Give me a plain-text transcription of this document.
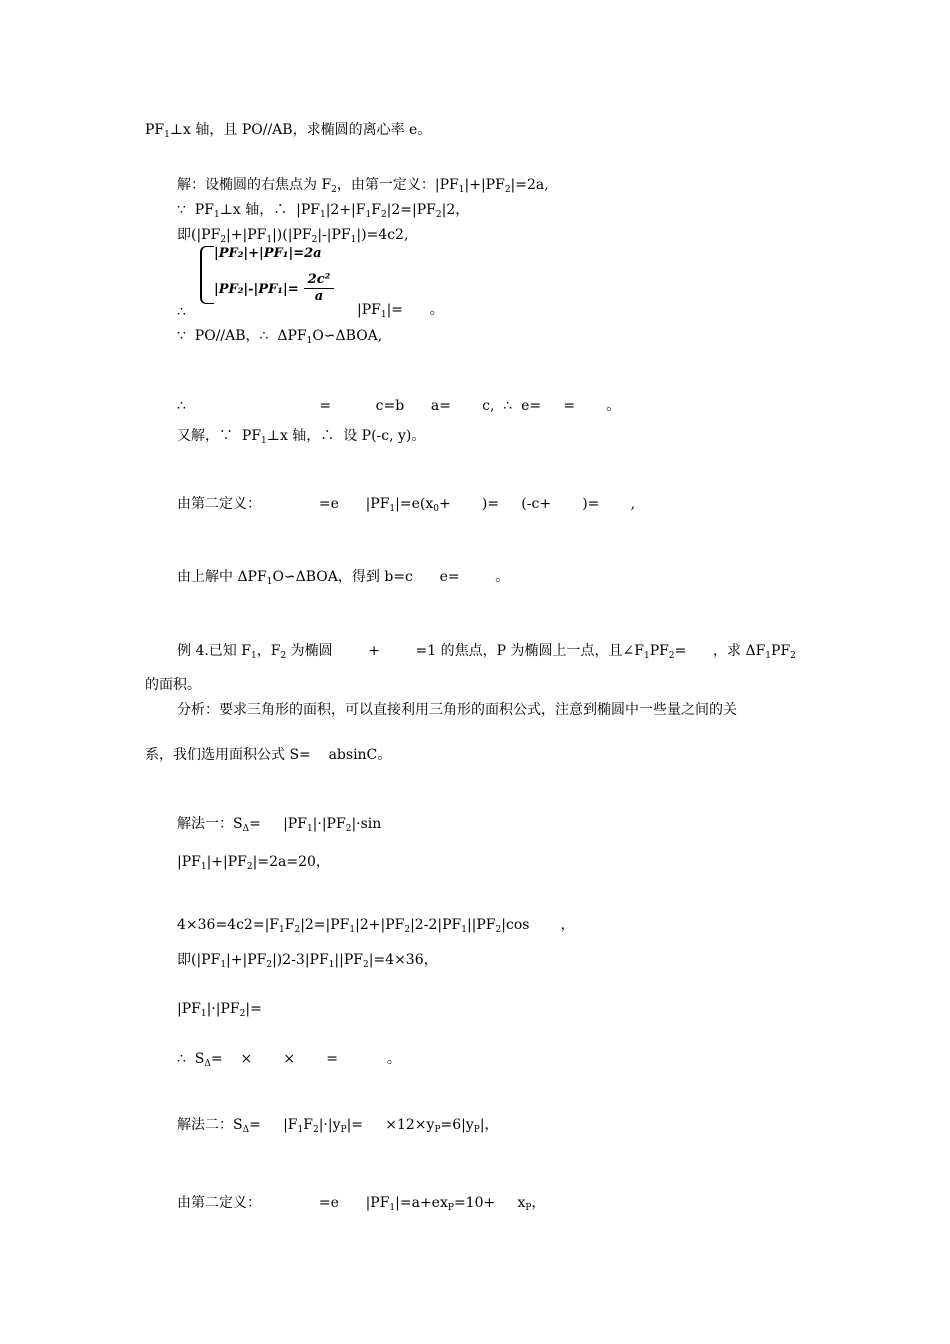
$PF_1\perp x$ 轴，且 PO//AB，求椭圆的离心率 e。
解：设椭圆的右焦点为 $F_2$，由第一定义：$|PF_1|+|PF_2|=2a$,
∵  $PF_1\perp x$ 轴，∴  $|PF_1|2+|F_1F_2|2=|PF_2|2$，
即$(|PF_2|+|PF_1|)(|PF_2|-|PF_1|)=4c2$,
|PF₂|+|PF₁|=2a
$|PF_2|-|PF_1|= \frac{\text{2c²}}{a}$
∴	$|PF_1|=$      。
∵  PO//AB，∴  $\Delta PF_1O∽\Delta BOA$,
∴                              =          c=b      a=       c,  ∴  e=     =       。
又解，∵  $PF_1\perp x$ 轴，∴  设 P(-c, y)。
由第二定义：             =e      $|PF_1|=e(x_0+$       )=     (-c+       )=       ,
由上解中 $\Delta PF_1O∽\Delta BOA$，得到 b=c      e=        。
例 4.已知 $F_1$，$F_2$ 为椭圆        +        =1 的焦点，P 为椭圆上一点，且$\angle F_1PF_2=$      ，求 $\Delta F_1PF_2$
的面积。
分析：要求三角形的面积，可以直接利用三角形的面积公式，注意到椭圆中一些量之间的关
系，我们选用面积公式 S=    absinC。
解法一：$S_\Delta=$     $|PF_1|\cdot|PF_2|\cdot\sin$
$|PF_1|+|PF_2|=2a=20$，
$4\times 36=4c2=|F_1F_2|2=|PF_1|2+|PF_2|2-2|PF_1||PF_2|\cos$       ，
即$(|PF_1|+|PF_2|)2-3|PF_1||PF_2|=4\times 36$，
$|PF_1|\cdot|PF_2|=$
∴  $S_\Delta=$    ×       ×       =           。
解法二：$S_\Delta=$     $|F_1F_2|\cdot|y_P|=$     $\times 12\times y_P=6|y_P|$，
由第二定义：             =e      $|PF_1|=a+ex_P=10+$     $x_P$，
